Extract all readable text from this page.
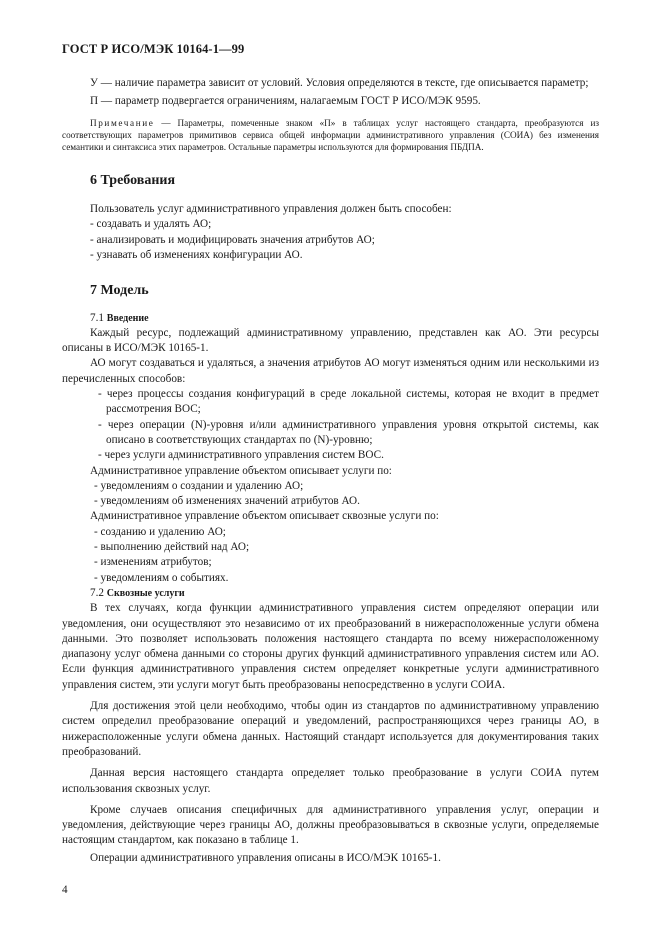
ГОСТ Р ИСО/МЭК 10164-1—99

У — наличие параметра зависит от условий. Условия определяются в тексте, где описывается параметр;

П — параметр подвергается ограничениям, налагаемым ГОСТ Р ИСО/МЭК 9595.

Примечание — Параметры, помеченные знаком «П» в таблицах услуг настоящего стандарта, преобразуются из соответствующих параметров примитивов сервиса общей информации административного управления (СОИА) без изменения семантики и синтаксиса этих параметров. Остальные параметры используются для формирования ПБДПА.

6 Требования

Пользователь услуг административного управления должен быть способен:

- создавать и удалять АО;

- анализировать и модифицировать значения атрибутов АО;

- узнавать об изменениях конфигурации АО.

7 Модель

7.1 Введение

Каждый ресурс, подлежащий административному управлению, представлен как АО. Эти ресурсы описаны в ИСО/МЭК 10165-1.

АО могут создаваться и удаляться, а значения атрибутов АО могут изменяться одним или несколькими из перечисленных способов:

- через процессы создания конфигураций в среде локальной системы, которая не входит в предмет рассмотрения ВОС;

- через операции (N)-уровня и/или административного управления уровня открытой системы, как описано в соответствующих стандартах по (N)-уровню;

- через услуги административного управления систем ВОС.

Административное управление объектом описывает услуги по:

- уведомлениям о создании и удалению АО;

- уведомлениям об изменениях значений атрибутов АО.

Административное управление объектом описывает сквозные услуги по:

- созданию и удалению АО;

- выполнению действий над АО;

- изменениям атрибутов;

- уведомлениям о событиях.

7.2 Сквозные услуги

В тех случаях, когда функции административного управления систем определяют операции или уведомления, они осуществляют это независимо от их преобразований в нижерасположенные услуги обмена данными. Это позволяет использовать положения настоящего стандарта по всему нижерасположенному диапазону услуг обмена данными со стороны других функций административного управления систем или АО. Если функция административного управления систем определяет конкретные услуги административного управления систем, эти услуги могут быть преобразованы непосредственно в услуги СОИА.

Для достижения этой цели необходимо, чтобы один из стандартов по административному управлению систем определил преобразование операций и уведомлений, распространяющихся через границы АО, в нижерасположенные услуги обмена данных. Настоящий стандарт используется для документирования таких преобразований.

Данная версия настоящего стандарта определяет только преобразование в услуги СОИА путем использования сквозных услуг.

Кроме случаев описания специфичных для административного управления услуг, операции и уведомления, действующие через границы АО, должны преобразовываться в сквозные услуги, определяемые настоящим стандартом, как показано в таблице 1.

Операции административного управления описаны в ИСО/МЭК 10165-1.

4
